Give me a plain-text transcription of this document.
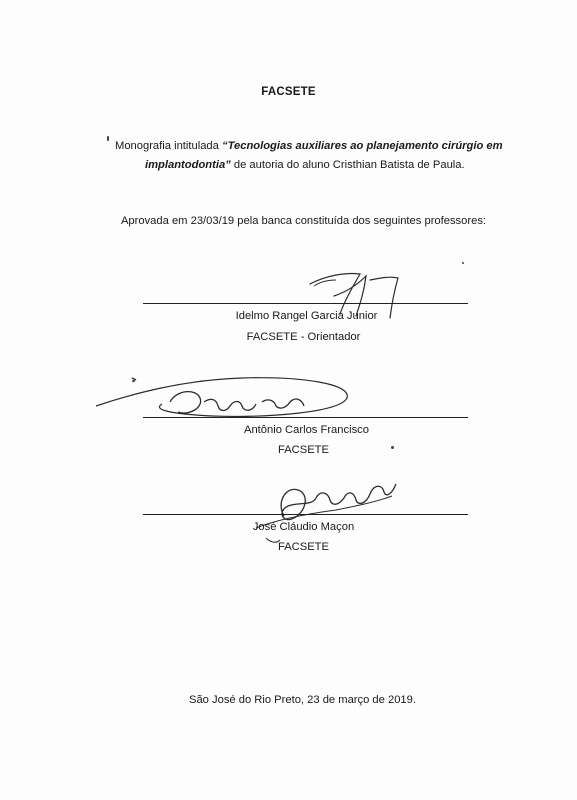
FACSETE
Monografia intitulada “Tecnologias auxiliares ao planejamento cirúrgio em implantodontia” de autoria do aluno Cristhian Batista de Paula.
Aprovada em 23/03/19 pela banca constituída dos seguintes professores:
Idelmo Rangel Garcia Junior
FACSETE - Orientador
Antônio Carlos Francisco
FACSETE
José Cláudio Maçon
FACSETE
São José do Rio Preto, 23 de março de 2019.
